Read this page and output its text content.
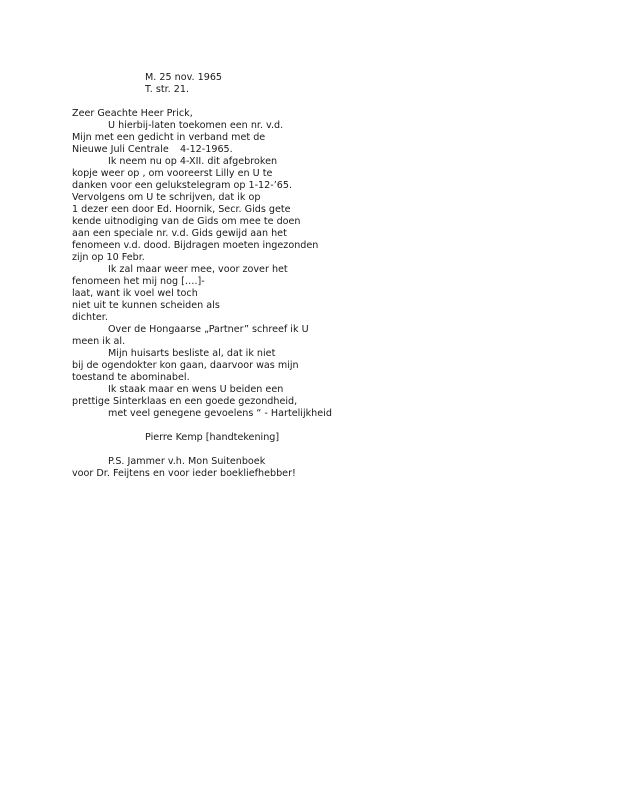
M. 25 nov. 1965
T. str. 21.
Zeer Geachte Heer Prick,
U hierbij-laten toekomen een nr. v.d.
Mijn met een gedicht in verband met de
Nieuwe Juli Centrale 4-12-1965.
Ik neem nu op 4-XII. dit afgebroken
kopje weer op , om vooreerst Lilly en U te
danken voor een gelukstelegram op 1-12-’65.
Vervolgens om U te schrijven, dat ik op
1 dezer een door Ed. Hoornik, Secr. Gids gete
kende uitnodiging van de Gids om mee te doen
aan een speciale nr. v.d. Gids gewijd aan het
fenomeen v.d. dood. Bijdragen moeten ingezonden
zijn op 10 Febr.
Ik zal maar weer mee, voor zover het
fenomeen het mij nog [….]-
laat, want ik voel wel toch
niet uit te kunnen scheiden als
dichter.
Over de Hongaarse „Partner” schreef ik U
meen ik al.
Mijn huisarts besliste al, dat ik niet
bij de ogendokter kon gaan, daarvoor was mijn
toestand te abominabel.
Ik staak maar en wens U beiden een
prettige Sinterklaas en een goede gezondheid,
met veel genegene gevoelens “ - Hartelijkheid
Pierre Kemp [handtekening]
P.S. Jammer v.h. Mon Suitenboek
voor Dr. Feijtens en voor ieder boekliefhebber!
